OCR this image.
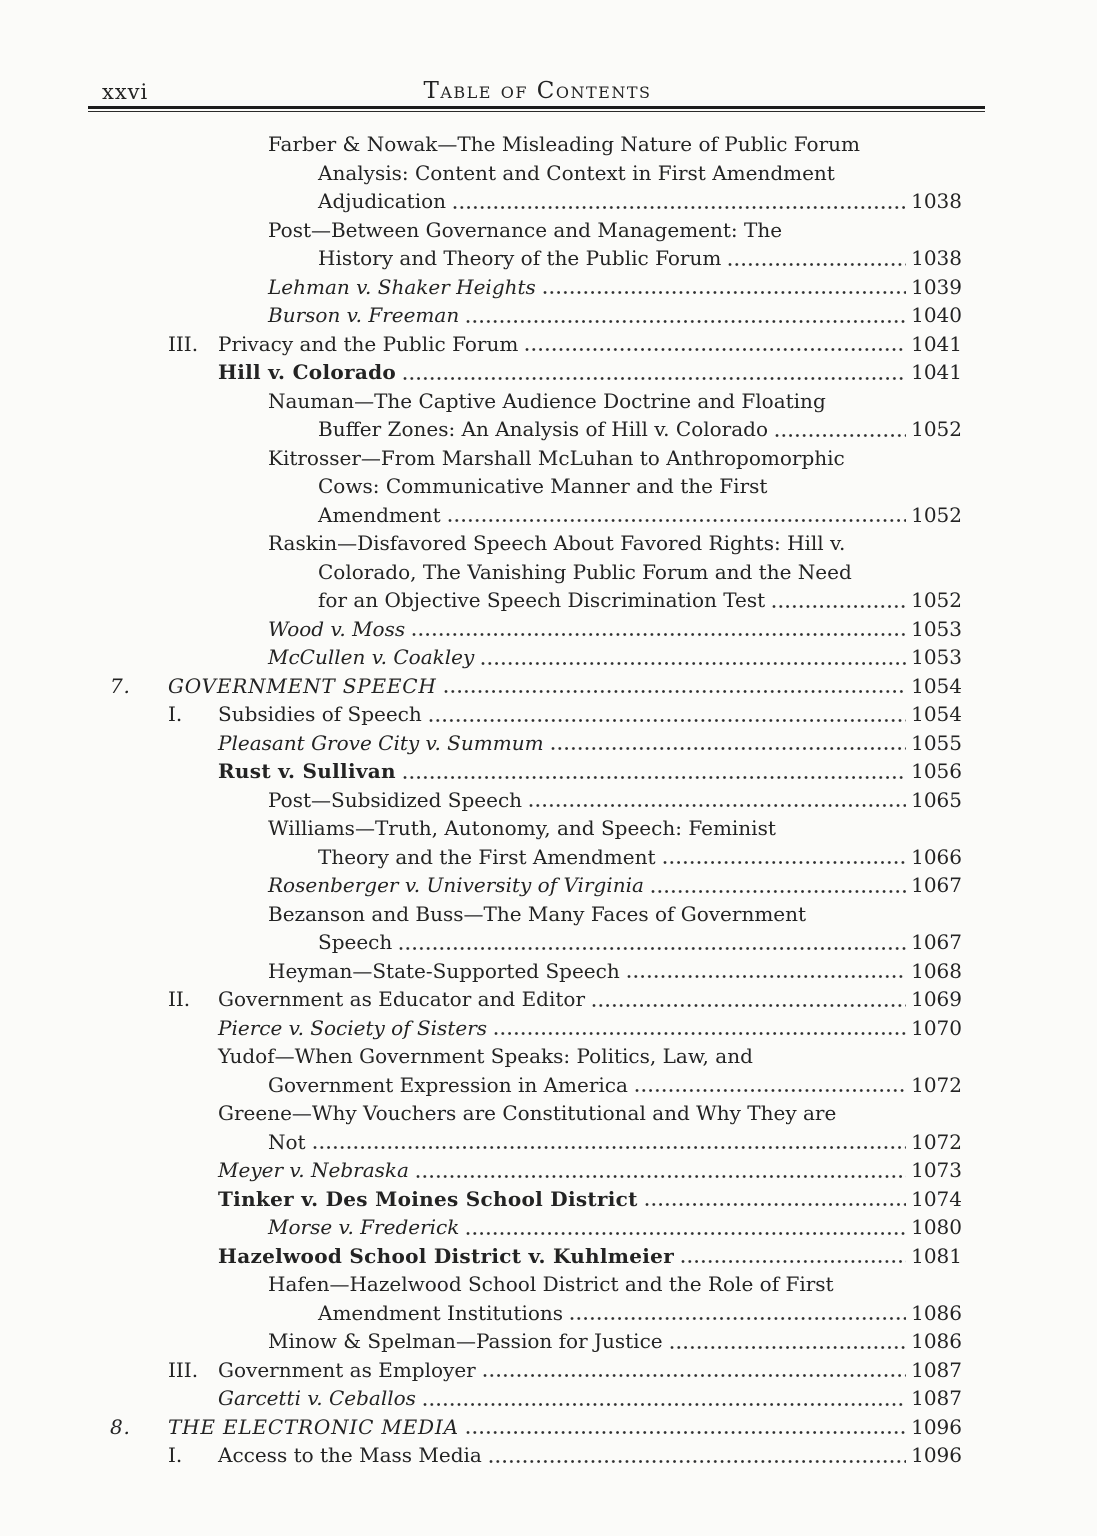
xxvi	Table of Contents
Farber & Nowak—The Misleading Nature of Public Forum
Analysis: Content and Context in First Amendment
Adjudication	1038
Post—Between Governance and Management: The
History and Theory of the Public Forum	1038
Lehman v. Shaker Heights	1039
Burson v. Freeman	1040
III. Privacy and the Public Forum	1041
Hill v. Colorado	1041
Nauman—The Captive Audience Doctrine and Floating
Buffer Zones: An Analysis of Hill v. Colorado	1052
Kitrosser—From Marshall McLuhan to Anthropomorphic
Cows: Communicative Manner and the First
Amendment	1052
Raskin—Disfavored Speech About Favored Rights: Hill v.
Colorado, The Vanishing Public Forum and the Need
for an Objective Speech Discrimination Test	1052
Wood v. Moss	1053
McCullen v. Coakley	1053
7.	GOVERNMENT SPEECH	1054
I.	Subsidies of Speech	1054
Pleasant Grove City v. Summum	1055
Rust v. Sullivan	1056
Post—Subsidized Speech	1065
Williams—Truth, Autonomy, and Speech: Feminist
Theory and the First Amendment	1066
Rosenberger v. University of Virginia	1067
Bezanson and Buss—The Many Faces of Government
Speech	1067
Heyman—State-Supported Speech	1068
II.	Government as Educator and Editor	1069
Pierce v. Society of Sisters	1070
Yudof—When Government Speaks: Politics, Law, and
Government Expression in America	1072
Greene—Why Vouchers are Constitutional and Why They are
Not	1072
Meyer v. Nebraska	1073
Tinker v. Des Moines School District	1074
Morse v. Frederick	1080
Hazelwood School District v. Kuhlmeier	1081
Hafen—Hazelwood School District and the Role of First
Amendment Institutions	1086
Minow & Spelman—Passion for Justice	1086
III. Government as Employer	1087
Garcetti v. Ceballos	1087
8.	THE ELECTRONIC MEDIA	1096
I.	Access to the Mass Media	1096
